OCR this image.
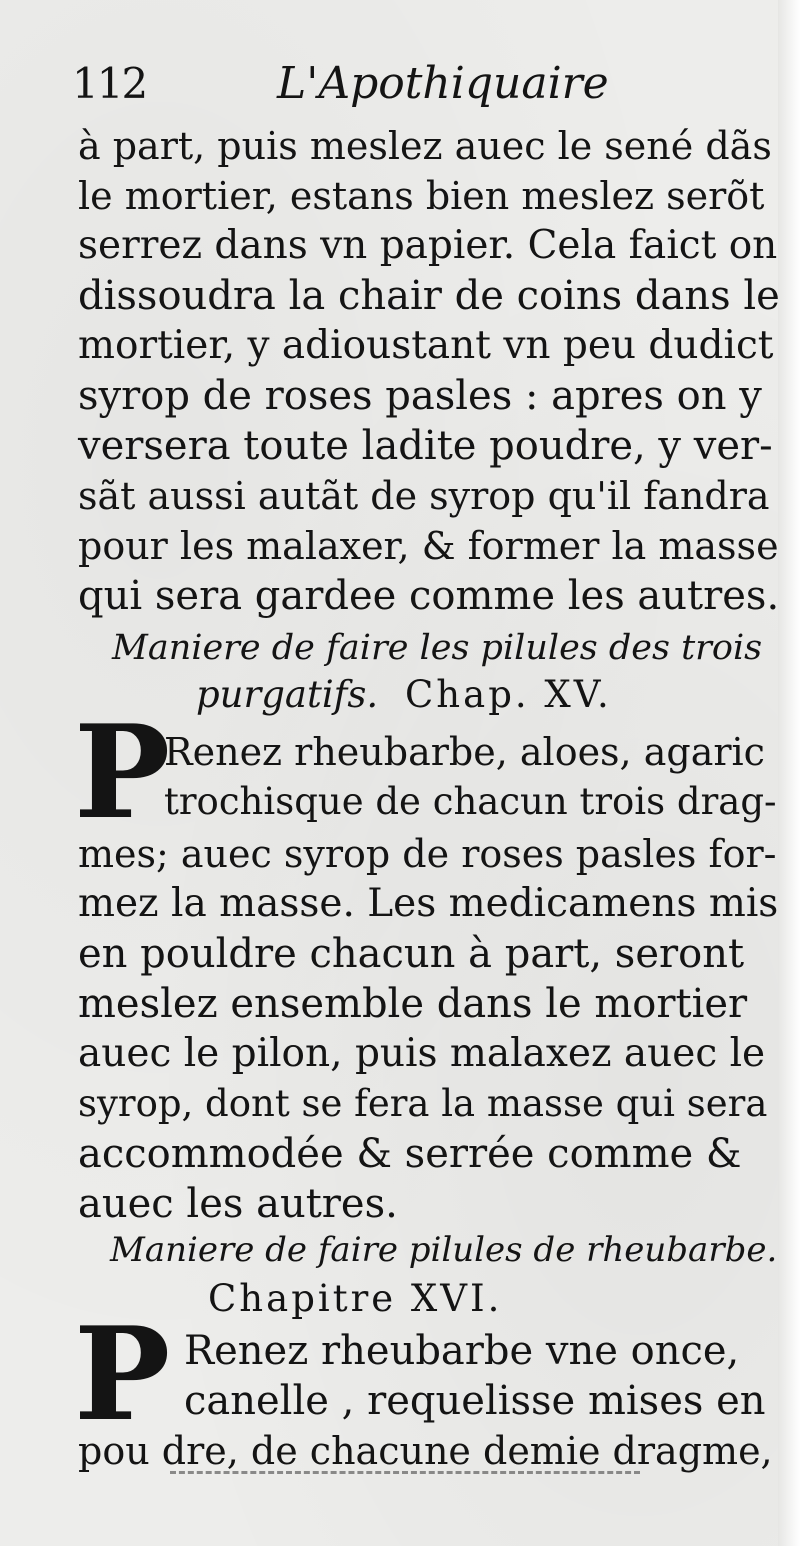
112	L'Apothiquaire
à part, puis meslez auec le sené dãs
le mortier, estans bien meslez serõt
serrez dans vn papier. Cela faict on
dissoudra la chair de coins dans le
mortier, y adioustant vn peu dudict
syrop de roses pasles : apres on y
versera toute ladite poudre, y ver-
sãt aussi autãt de syrop qu'il fandra
pour les malaxer, & former la masse
qui sera gardee comme les autres.
Maniere de faire les pilules des trois
purgatifs. Chap. XV.
P
Renez rheubarbe, aloes, agaric
trochisque de chacun trois drag-
mes; auec syrop de roses pasles for-
mez la masse. Les medicamens mis
en pouldre chacun à part, seront
meslez ensemble dans le mortier
auec le pilon, puis malaxez auec le
syrop, dont se fera la masse qui sera
accommodée & serrée comme &
auec les autres.
Maniere de faire pilules de rheubarbe.
Chapitre XVI.
P Renez rheubarbe vne once,
canelle , requelisse mises en
pou dre, de chacune demie dragme,
